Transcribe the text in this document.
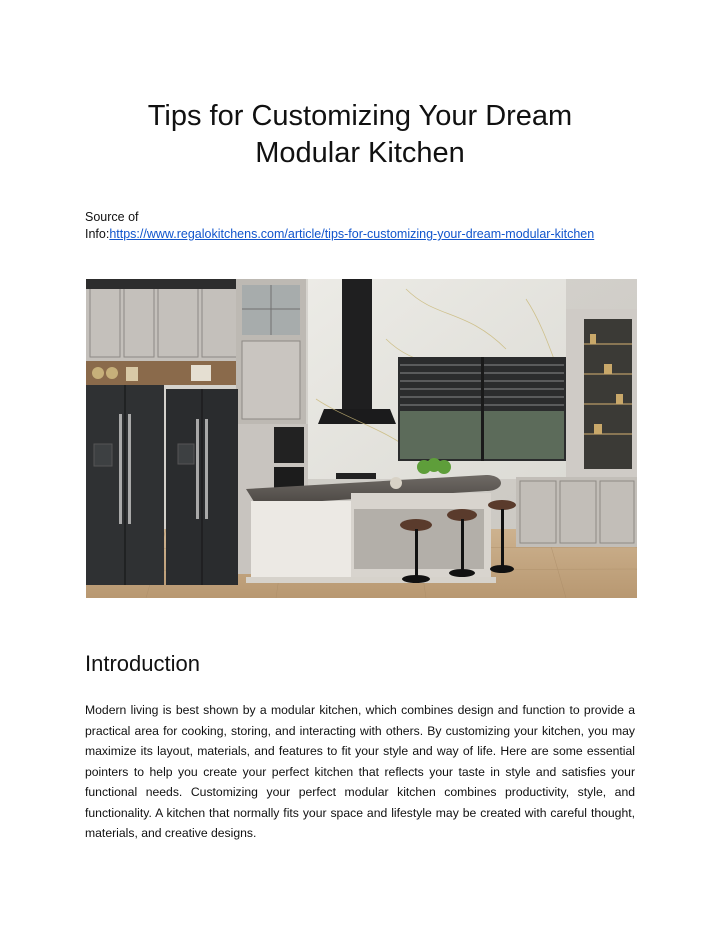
Tips for Customizing Your Dream
Modular Kitchen
Source of
Info:https://www.regalokitchens.com/article/tips-for-customizing-your-dream-modular-kitchen
Introduction

Modern living is best shown by a modular kitchen, which combines design and function to provide a practical area for cooking, storing, and interacting with others. By customizing your kitchen, you may maximize its layout, materials, and features to fit your style and way of life. Here are some essential pointers to help you create your perfect kitchen that reflects your taste in style and satisfies your functional needs. Customizing your perfect modular kitchen combines productivity, style, and functionality. A kitchen that normally fits your space and lifestyle may be created with careful thought, materials, and creative designs.
